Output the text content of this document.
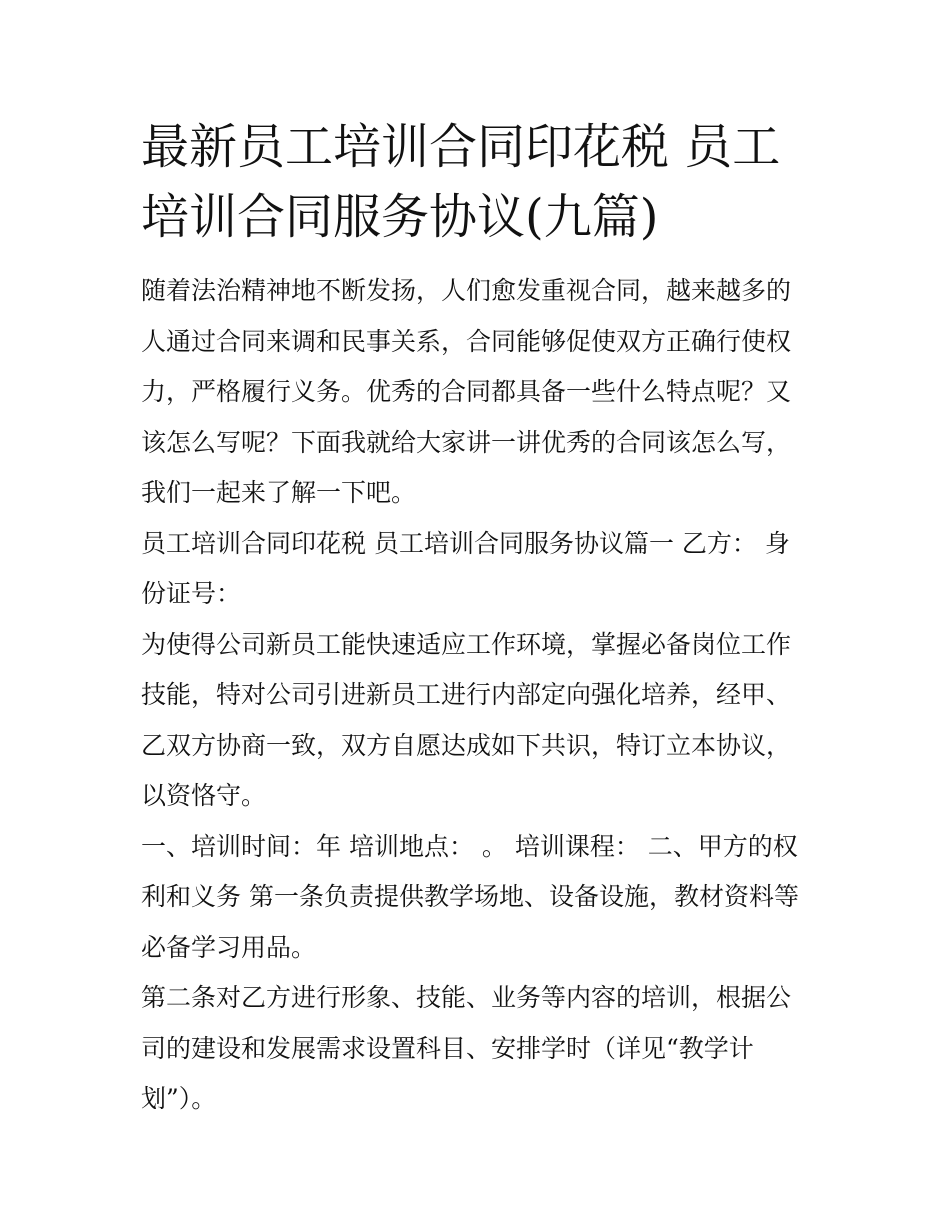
最新员工培训合同印花税 员工培训合同服务协议(九篇)

随着法治精神地不断发扬，人们愈发重视合同，越来越多的人通过合同来调和民事关系，合同能够促使双方正确行使权力，严格履行义务。优秀的合同都具备一些什么特点呢？又该怎么写呢？下面我就给大家讲一讲优秀的合同该怎么写，我们一起来了解一下吧。

员工培训合同印花税 员工培训合同服务协议篇一 乙方： 身份证号：

为使得公司新员工能快速适应工作环境，掌握必备岗位工作技能，特对公司引进新员工进行内部定向强化培养，经甲、乙双方协商一致，双方自愿达成如下共识，特订立本协议，以资恪守。

一、培训时间：年 培训地点： 。 培训课程： 二、甲方的权利和义务 第一条负责提供教学场地、设备设施，教材资料等必备学习用品。

第二条对乙方进行形象、技能、业务等内容的培训，根据公司的建设和发展需求设置科目、安排学时（详见“教学计划”）。
